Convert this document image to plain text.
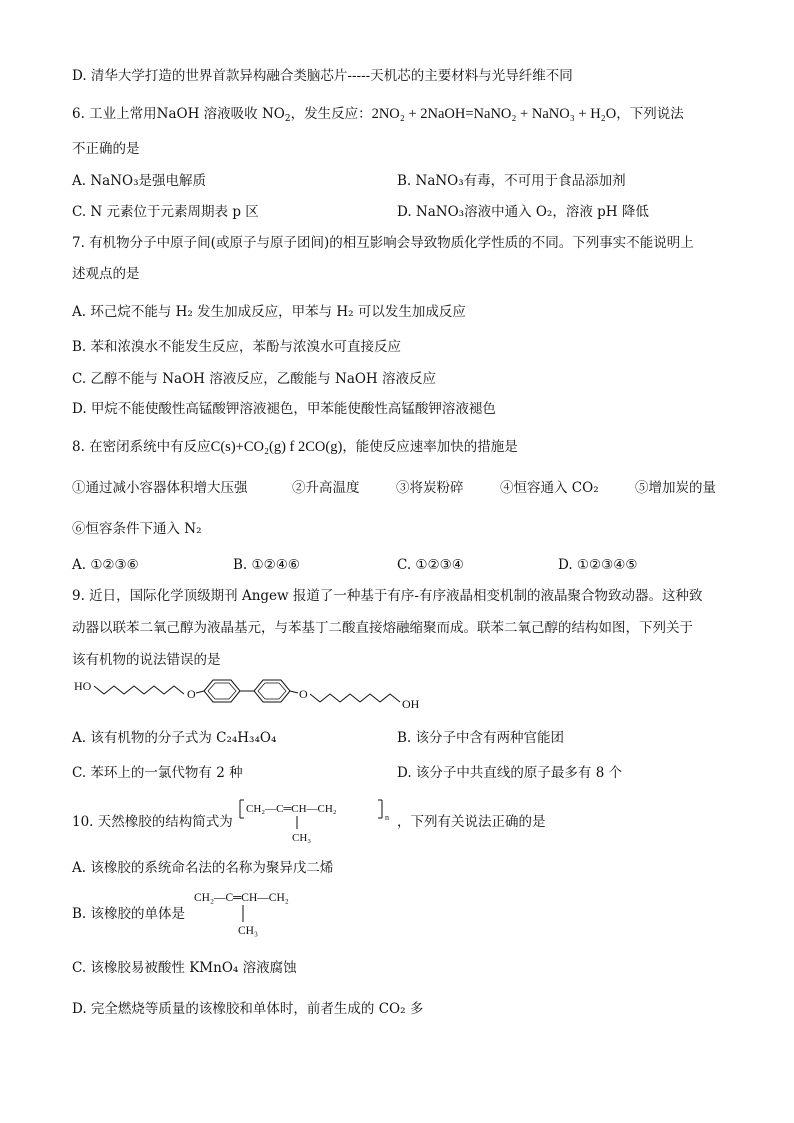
D. 清华大学打造的世界首款异构融合类脑芯片-----天机芯的主要材料与光导纤维不同
6. 工业上常用NaOH 溶液吸收 $NO_2$，发生反应：2NO₂ + 2NaOH=NaNO₂ + NaNO₃ + H₂O，下列说法
不正确的是
A. NaNO₃是强电解质	B. NaNO₃有毒，不可用于食品添加剂
C. N 元素位于元素周期表 p 区	D. NaNO₃溶液中通入 O₂，溶液 pH 降低
7. 有机物分子中原子间(或原子与原子团间)的相互影响会导致物质化学性质的不同。下列事实不能说明上
述观点的是
A. 环己烷不能与 H₂ 发生加成反应，甲苯与 H₂ 可以发生加成反应
B. 苯和浓溴水不能发生反应，苯酚与浓溴水可直接反应
C. 乙醇不能与 NaOH 溶液反应，乙酸能与 NaOH 溶液反应
D. 甲烷不能使酸性高锰酸钾溶液褪色，甲苯能使酸性高锰酸钾溶液褪色
8. 在密闭系统中有反应C(s)+CO₂(g) f 2CO(g)，能使反应速率加快的措施是
①通过减小容器体积增大压强	②升高温度	③将炭粉碎	④恒容通入 CO₂	⑤增加炭的量
⑥恒容条件下通入 N₂
A. ①②③⑥	B. ①②④⑥	C. ①②③④	D. ①②③④⑤
9. 近日，国际化学顶级期刊 Angew 报道了一种基于有序-有序液晶相变机制的液晶聚合物致动器。这种致
动器以联苯二氧己醇为液晶基元，与苯基丁二酸直接熔融缩聚而成。联苯二氧己醇的结构如图，下列关于
该有机物的说法错误的是
HO
O	O
OH
A. 该有机物的分子式为 C₂₄H₃₄O₄	B. 该分子中含有两种官能团
C. 苯环上的一氯代物有 2 种	D. 该分子中共直线的原子最多有 8 个
10. 天然橡胶的结构简式为
CH₂—C═CH—CH₂
n
CH₃
，下列有关说法正确的是
A. 该橡胶的系统命名法的名称为聚异戊二烯
B. 该橡胶的单体是
CH₂—C═CH—CH₂
CH₃
C. 该橡胶易被酸性 KMnO₄ 溶液腐蚀
D. 完全燃烧等质量的该橡胶和单体时，前者生成的 CO₂ 多
